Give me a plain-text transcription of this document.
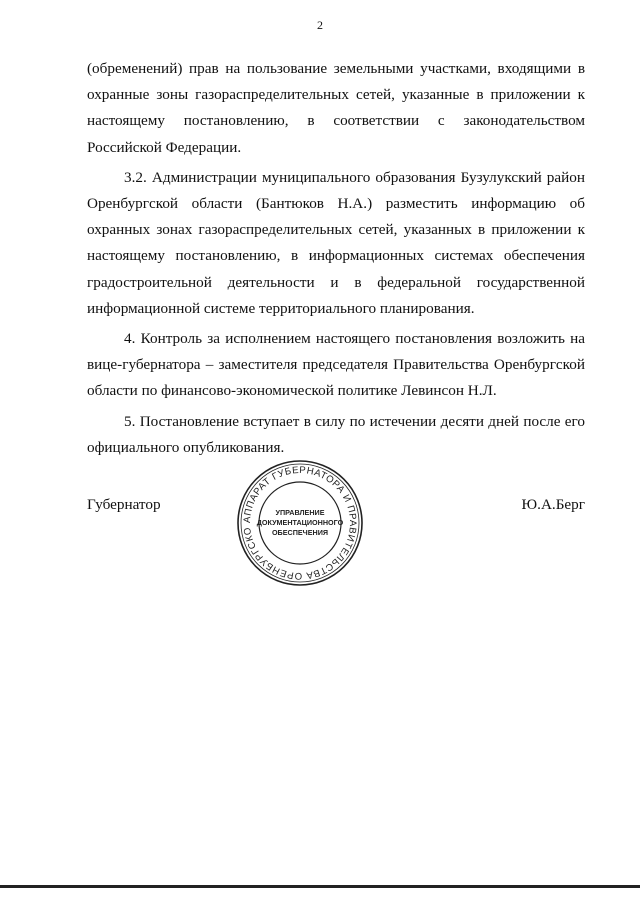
2

(обременений) прав на пользование земельными участками, входящими в охранные зоны газораспределительных сетей, указанные в приложении к настоящему постановлению, в соответствии с законодательством Российской Федерации.

3.2. Администрации муниципального образования Бузулукский район Оренбургской области (Бантюков Н.А.) разместить информацию об охранных зонах газораспределительных сетей, указанных в приложении к настоящему постановлению, в информационных системах обеспечения градостроительной деятельности и в федеральной государственной информационной системе территориального планирования.

4. Контроль за исполнением настоящего постановления возложить на вице-губернатора – заместителя председателя Правительства Оренбургской области по финансово-экономической политике Левинсон Н.Л.

5. Постановление вступает в силу по истечении десяти дней после его официального опубликования.

Губернатор	Ю.А.Берг
АППАРАТ ГУБЕРНАТОРА И ПРАВИТЕЛЬСТВА ОРЕНБУРГСКО
УПРАВЛЕНИЕ
ДОКУМЕНТАЦИОННОГО
ОБЕСПЕЧЕНИЯ
